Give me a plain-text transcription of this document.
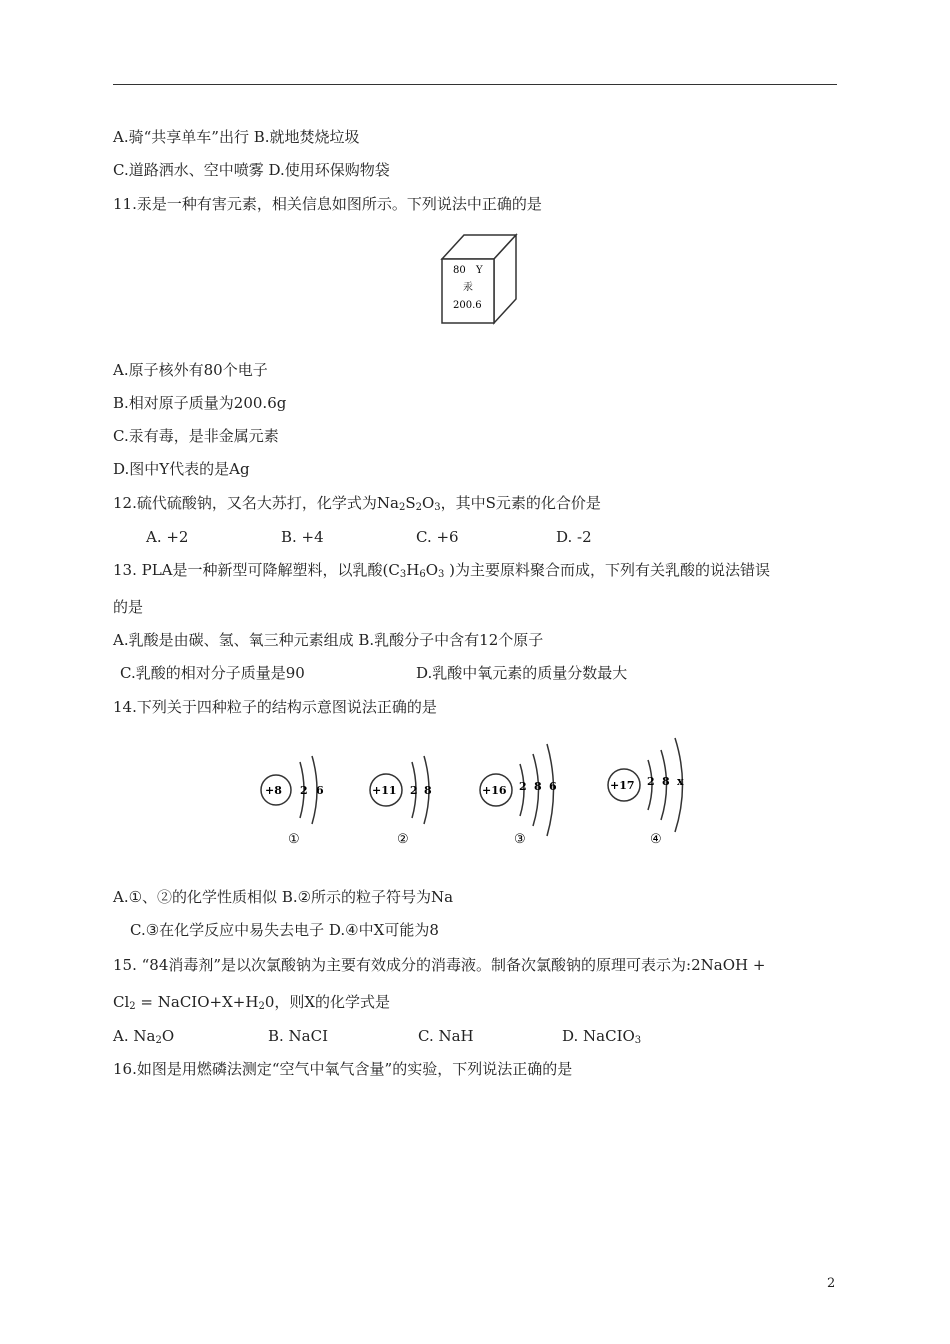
A.骑“共享单车”出行 B.就地焚烧垃圾
C.道路洒水、空中喷雾 D.使用环保购物袋
11.汞是一种有害元素，相关信息如图所示。下列说法中正确的是
80 Y
汞
200.6
A.原子核外有80个电子
B.相对原子质量为200.6g
C.汞有毒，是非金属元素
D.图中Y代表的是Ag
12.硫代硫酸钠，又名大苏打，化学式为$Na_2S_2O_3$，其中S元素的化合价是
A. +2	B. +4	C. +6	D. -2
13. PLA是一种新型可降解塑料，以乳酸($C_3H_6O_3$ )为主要原料聚合而成，下列有关乳酸的说法错误
的是
A.乳酸是由碳、氢、氧三种元素组成 B.乳酸分子中含有12个原子
C.乳酸的相对分子质量是90	D.乳酸中氧元素的质量分数最大
14.下列关于四种粒子的结构示意图说法正确的是
+8 2 6
①
+11 2 8
②
+16 2 8 6
③
+17 2 8 x
④
A.①、②的化学性质相似 B.②所示的粒子符号为Na
C.③在化学反应中易失去电子 D.④中X可能为8
15. “84消毒剂”是以次氯酸钠为主要有效成分的消毒液。制备次氯酸钠的原理可表示为:2NaOH +
$Cl_2$ = $NaCIO+X+H_20$，则X的化学式是
A. $Na_2O$	B. NaCI	C. NaH	D. NaCIO$_3$
16.如图是用燃磷法测定“空气中氧气含量”的实验，下列说法正确的是
2
